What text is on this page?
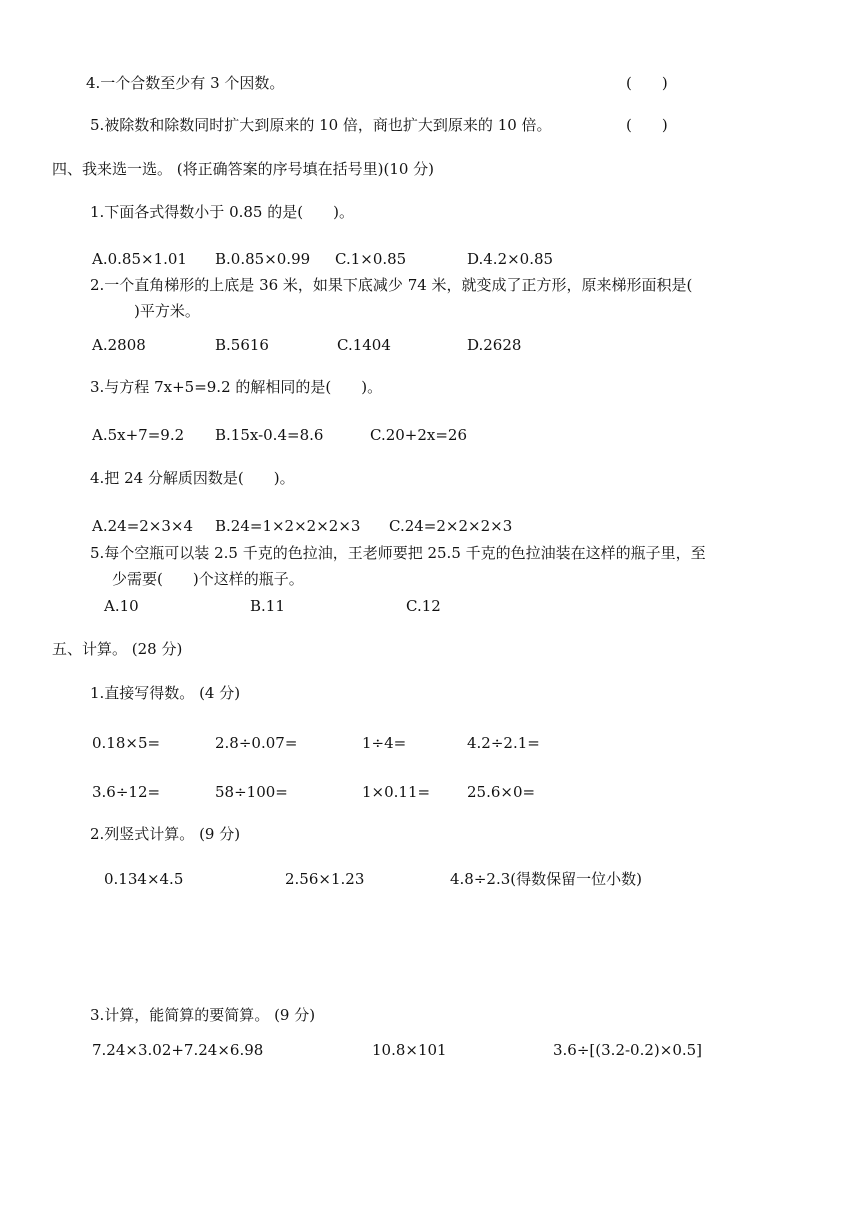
4.一个合数至少有 3 个因数。	(　　)
5.被除数和除数同时扩大到原来的 10 倍，商也扩大到原来的 10 倍。	(　　)
四、我来选一选。 (将正确答案的序号填在括号里)(10 分)
1.下面各式得数小于 0.85 的是(　　)。
A.0.85×1.01 B.0.85×0.99 C.1×0.85	D.4.2×0.85
2.一个直角梯形的上底是 36 米，如果下底减少 74 米，就变成了正方形，原来梯形面积是(
)平方米。
A.2808	B.5616	C.1404	D.2628
3.与方程 7x+5=9.2 的解相同的是(　　)。
A.5x+7=9.2 B.15x-0.4=8.6	C.20+2x=26
4.把 24 分解质因数是(　　)。
A.24=2×3×4 B.24=1×2×2×2×3 C.24=2×2×2×3
5.每个空瓶可以装 2.5 千克的色拉油，王老师要把 25.5 千克的色拉油装在这样的瓶子里，至
少需要(　　)个这样的瓶子。
A.10	B.11	C.12
五、计算。 (28 分)
1.直接写得数。 (4 分)
0.18×5=	2.8÷0.07=	1÷4=	4.2÷2.1=
3.6÷12=	58÷100=	1×0.11= 25.6×0=
2.列竖式计算。 (9 分)
0.134×4.5	2.56×1.23	4.8÷2.3(得数保留一位小数)
3.计算，能简算的要简算。 (9 分)
7.24×3.02+7.24×6.98	10.8×101	3.6÷[(3.2-0.2)×0.5]
